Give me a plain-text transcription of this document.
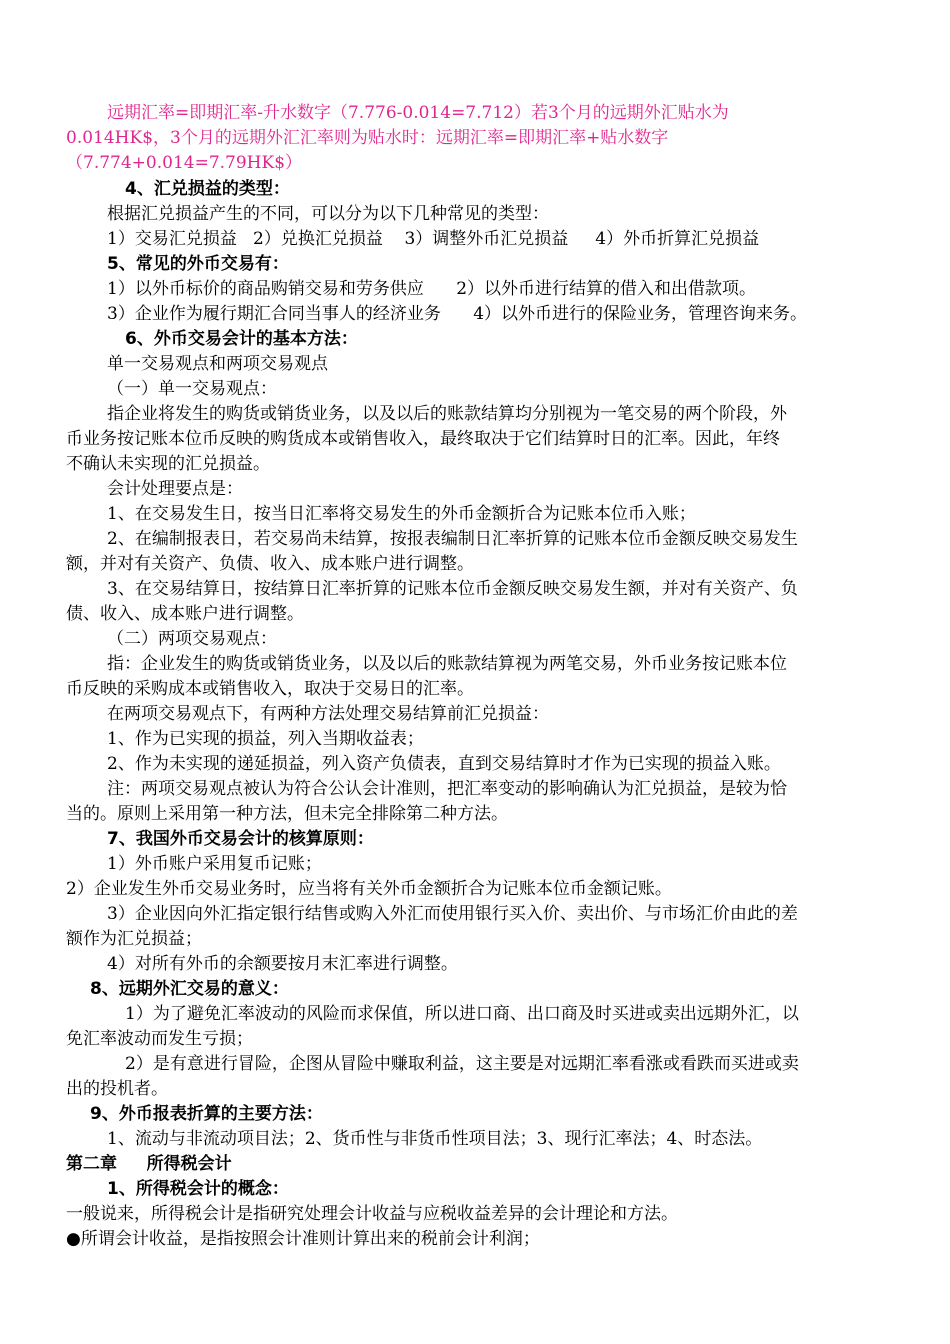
远期汇率=即期汇率-升水数字（7.776-0.014=7.712）若3个月的远期外汇贴水为
0.014HK$，3个月的远期外汇汇率则为贴水时：远期汇率=即期汇率+贴水数字
（7.774+0.014=7.79HK$）
4、汇兑损益的类型：
根据汇兑损益产生的不同，可以分为以下几种常见的类型：
1）交易汇兑损益   2）兑换汇兑损益    3）调整外币汇兑损益     4）外币折算汇兑损益
5、常见的外币交易有：
1）以外币标价的商品购销交易和劳务供应      2）以外币进行结算的借入和出借款项。
3）企业作为履行期汇合同当事人的经济业务      4）以外币进行的保险业务，管理咨询来务。
6、外币交易会计的基本方法：
单一交易观点和两项交易观点
（一）单一交易观点：
指企业将发生的购货或销货业务，以及以后的账款结算均分别视为一笔交易的两个阶段，外
币业务按记账本位币反映的购货成本或销售收入，最终取决于它们结算时日的汇率。因此，年终
不确认未实现的汇兑损益。
会计处理要点是：
1、在交易发生日，按当日汇率将交易发生的外币金额折合为记账本位币入账；
2、在编制报表日，若交易尚未结算，按报表编制日汇率折算的记账本位币金额反映交易发生
额，并对有关资产、负债、收入、成本账户进行调整。
3、在交易结算日，按结算日汇率折算的记账本位币金额反映交易发生额，并对有关资产、负
债、收入、成本账户进行调整。
（二）两项交易观点：
指：企业发生的购货或销货业务，以及以后的账款结算视为两笔交易，外币业务按记账本位
币反映的采购成本或销售收入，取决于交易日的汇率。
在两项交易观点下，有两种方法处理交易结算前汇兑损益：
1、作为已实现的损益，列入当期收益表；
2、作为未实现的递延损益，列入资产负债表，直到交易结算时才作为已实现的损益入账。
注：两项交易观点被认为符合公认会计准则，把汇率变动的影响确认为汇兑损益，是较为恰
当的。原则上采用第一种方法，但未完全排除第二种方法。
7、我国外币交易会计的核算原则：
1）外币账户采用复币记账；
2）企业发生外币交易业务时，应当将有关外币金额折合为记账本位币金额记账。
3）企业因向外汇指定银行结售或购入外汇而使用银行买入价、卖出价、与市场汇价由此的差
额作为汇兑损益；
4）对所有外币的余额要按月末汇率进行调整。
8、远期外汇交易的意义：
1）为了避免汇率波动的风险而求保值，所以进口商、出口商及时买进或卖出远期外汇，以
免汇率波动而发生亏损；
2）是有意进行冒险，企图从冒险中赚取利益，这主要是对远期汇率看涨或看跌而买进或卖
出的投机者。
9、外币报表折算的主要方法：
1、流动与非流动项目法；2、货币性与非货币性项目法；3、现行汇率法；4、时态法。
第二章     所得税会计
1、所得税会计的概念：
一般说来，所得税会计是指研究处理会计收益与应税收益差异的会计理论和方法。
●所谓会计收益，是指按照会计准则计算出来的税前会计利润；
